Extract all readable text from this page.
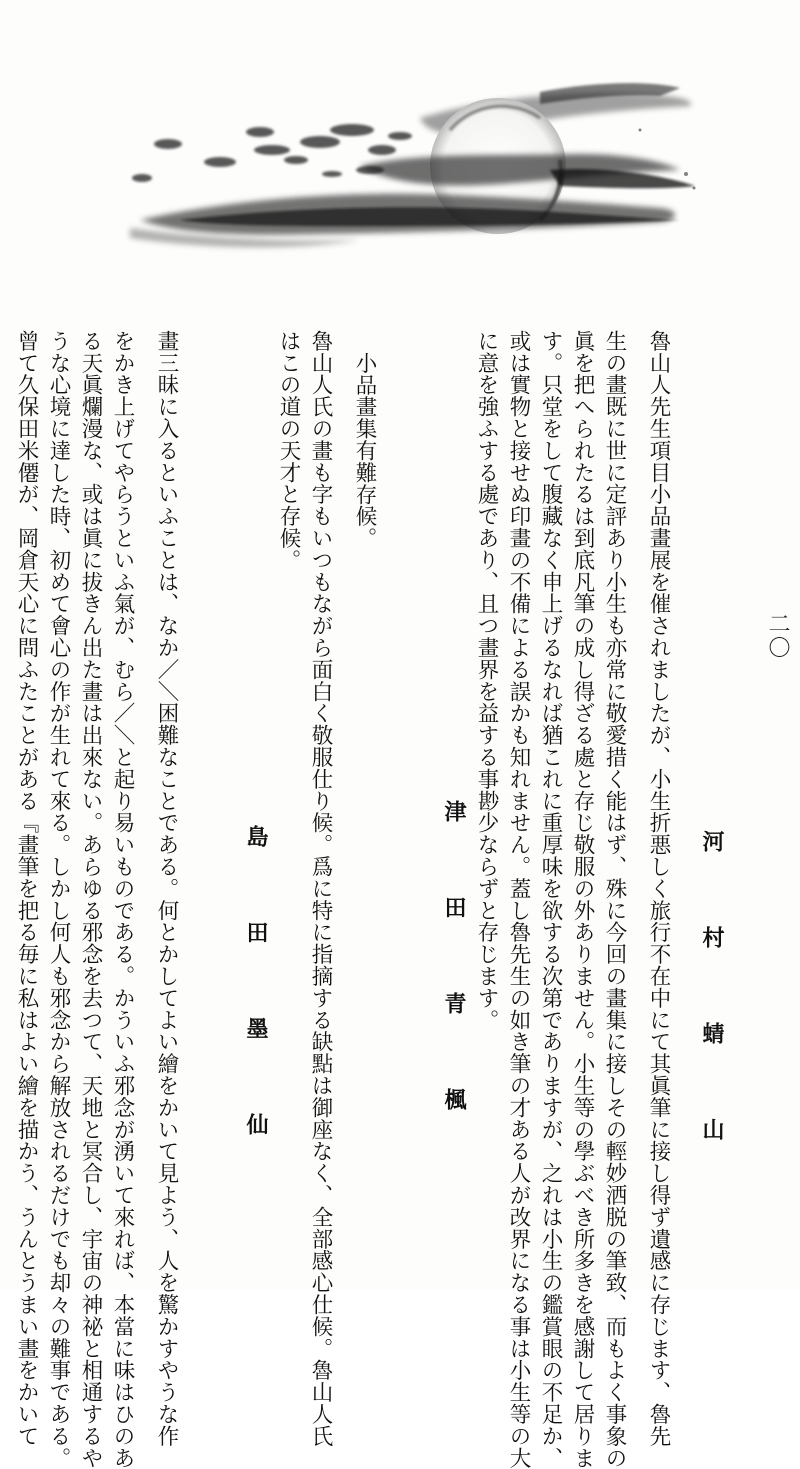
二〇
河　村　蜻　山
魯山人先生項目小品畫展を催されましたが、小生折悪しく旅行不在中にて其眞筆に接し得ず遺感に存じます、魯先
生の畫既に世に定評あり小生も亦常に敬愛措く能はず、殊に今回の畫集に接しその輕妙洒脱の筆致、而もよく事象の
眞を把へられたるは到底凡筆の成し得ざる處と存じ敬服の外ありません。小生等の學ぶべき所多きを感謝して居りま
す。只堂をして腹藏なく申上げるなれば猶これに重厚味を欲する次第でありますが、之れは小生の鑑賞眼の不足か、
或は實物と接せぬ印畫の不備による誤かも知れません。蓋し魯先生の如き筆の才ある人が改界になる事は小生等の大
に意を強ふする處であり、且つ畫界を益する事尠少ならずと存じます。
津　田　青　楓
小品畫集有難存候。
魯山人氏の畫も字もいつもながら面白く敬服仕り候。爲に特に指摘する缺點は御座なく、全部感心仕候。魯山人氏
はこの道の天才と存候。
島　田　墨　仙
畫三昧に入るといふことは、なか／＼困難なことである。何とかしてよい繪をかいて見よう、人を驚かすやうな作
をかき上げてやらうといふ氣が、むら／＼と起り易いものである。かういふ邪念が湧いて來れば、本當に味はひのあ
る天眞爛漫な、或は眞に拔きん出た畫は出來ない。あらゆる邪念を去つて、天地と冥合し、宇宙の神祕と相通するや
うな心境に達した時、初めて會心の作が生れて來る。しかし何人も邪念から解放されるだけでも却々の難事である。
曾て久保田米僊が、岡倉天心に問ふたことがある『畫筆を把る毎に私はよい繪を描かう、うんとうまい畫をかいて
